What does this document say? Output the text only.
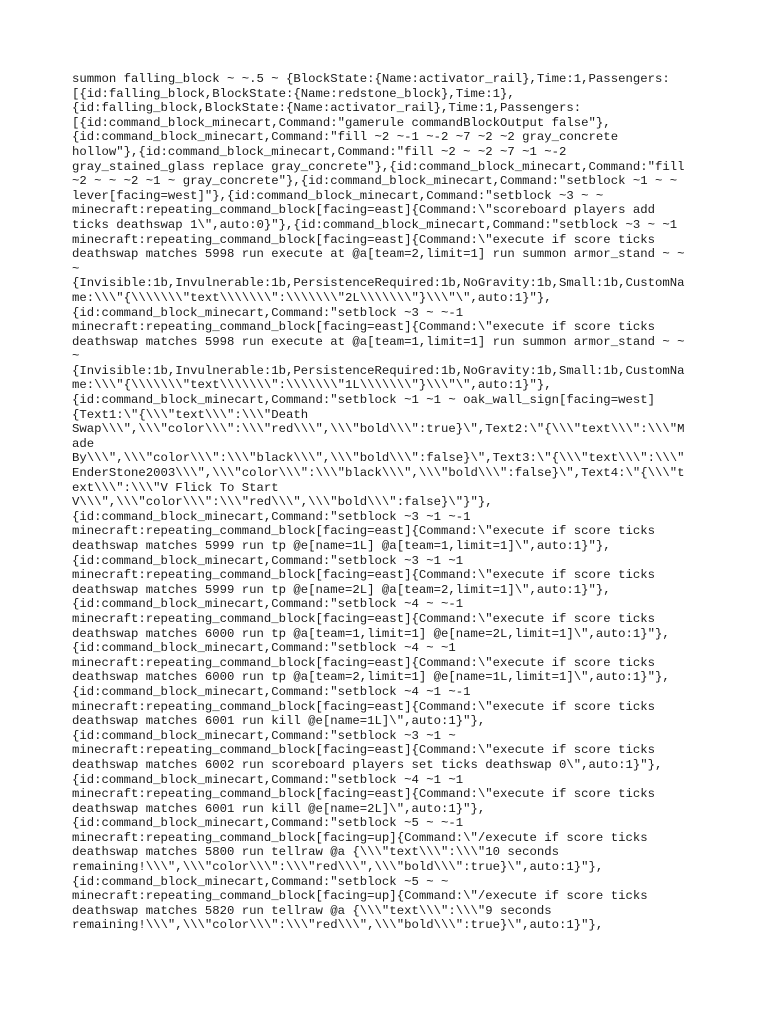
summon falling_block ~ ~.5 ~ {BlockState:{Name:activator_rail},Time:1,Passengers:
[{id:falling_block,BlockState:{Name:redstone_block},Time:1},
{id:falling_block,BlockState:{Name:activator_rail},Time:1,Passengers:
[{id:command_block_minecart,Command:"gamerule commandBlockOutput false"},
{id:command_block_minecart,Command:"fill ~2 ~-1 ~-2 ~7 ~2 ~2 gray_concrete
hollow"},{id:command_block_minecart,Command:"fill ~2 ~ ~2 ~7 ~1 ~-2
gray_stained_glass replace gray_concrete"},{id:command_block_minecart,Command:"fill
~2 ~ ~ ~2 ~1 ~ gray_concrete"},{id:command_block_minecart,Command:"setblock ~1 ~ ~
lever[facing=west]"},{id:command_block_minecart,Command:"setblock ~3 ~ ~
minecraft:repeating_command_block[facing=east]{Command:\"scoreboard players add
ticks deathswap 1\",auto:0}"},{id:command_block_minecart,Command:"setblock ~3 ~ ~1
minecraft:repeating_command_block[facing=east]{Command:\"execute if score ticks
deathswap matches 5998 run execute at @a[team=2,limit=1] run summon armor_stand ~ ~
~
{Invisible:1b,Invulnerable:1b,PersistenceRequired:1b,NoGravity:1b,Small:1b,CustomNa
me:\\\"{\\\\\\\"text\\\\\\\":\\\\\\\"2L\\\\\\\"}\\\"\",auto:1}"},
{id:command_block_minecart,Command:"setblock ~3 ~ ~-1
minecraft:repeating_command_block[facing=east]{Command:\"execute if score ticks
deathswap matches 5998 run execute at @a[team=1,limit=1] run summon armor_stand ~ ~
~
{Invisible:1b,Invulnerable:1b,PersistenceRequired:1b,NoGravity:1b,Small:1b,CustomNa
me:\\\"{\\\\\\\"text\\\\\\\":\\\\\\\"1L\\\\\\\"}\\\"\",auto:1}"},
{id:command_block_minecart,Command:"setblock ~1 ~1 ~ oak_wall_sign[facing=west]
{Text1:\"{\\\"text\\\":\\\"Death
Swap\\\",\\\"color\\\":\\\"red\\\",\\\"bold\\\":true}\",Text2:\"{\\\"text\\\":\\\"M
ade
By\\\",\\\"color\\\":\\\"black\\\",\\\"bold\\\":false}\",Text3:\"{\\\"text\\\":\\\"
EnderStone2003\\\",\\\"color\\\":\\\"black\\\",\\\"bold\\\":false}\",Text4:\"{\\\"t
ext\\\":\\\"V Flick To Start
V\\\",\\\"color\\\":\\\"red\\\",\\\"bold\\\":false}\"}"},
{id:command_block_minecart,Command:"setblock ~3 ~1 ~-1
minecraft:repeating_command_block[facing=east]{Command:\"execute if score ticks
deathswap matches 5999 run tp @e[name=1L] @a[team=1,limit=1]\",auto:1}"},
{id:command_block_minecart,Command:"setblock ~3 ~1 ~1
minecraft:repeating_command_block[facing=east]{Command:\"execute if score ticks
deathswap matches 5999 run tp @e[name=2L] @a[team=2,limit=1]\",auto:1}"},
{id:command_block_minecart,Command:"setblock ~4 ~ ~-1
minecraft:repeating_command_block[facing=east]{Command:\"execute if score ticks
deathswap matches 6000 run tp @a[team=1,limit=1] @e[name=2L,limit=1]\",auto:1}"},
{id:command_block_minecart,Command:"setblock ~4 ~ ~1
minecraft:repeating_command_block[facing=east]{Command:\"execute if score ticks
deathswap matches 6000 run tp @a[team=2,limit=1] @e[name=1L,limit=1]\",auto:1}"},
{id:command_block_minecart,Command:"setblock ~4 ~1 ~-1
minecraft:repeating_command_block[facing=east]{Command:\"execute if score ticks
deathswap matches 6001 run kill @e[name=1L]\",auto:1}"},
{id:command_block_minecart,Command:"setblock ~3 ~1 ~
minecraft:repeating_command_block[facing=east]{Command:\"execute if score ticks
deathswap matches 6002 run scoreboard players set ticks deathswap 0\",auto:1}"},
{id:command_block_minecart,Command:"setblock ~4 ~1 ~1
minecraft:repeating_command_block[facing=east]{Command:\"execute if score ticks
deathswap matches 6001 run kill @e[name=2L]\",auto:1}"},
{id:command_block_minecart,Command:"setblock ~5 ~ ~-1
minecraft:repeating_command_block[facing=up]{Command:\"/execute if score ticks
deathswap matches 5800 run tellraw @a {\\\"text\\\":\\\"10 seconds
remaining!\\\",\\\"color\\\":\\\"red\\\",\\\"bold\\\":true}\",auto:1}"},
{id:command_block_minecart,Command:"setblock ~5 ~ ~
minecraft:repeating_command_block[facing=up]{Command:\"/execute if score ticks
deathswap matches 5820 run tellraw @a {\\\"text\\\":\\\"9 seconds
remaining!\\\",\\\"color\\\":\\\"red\\\",\\\"bold\\\":true}\",auto:1}"},
